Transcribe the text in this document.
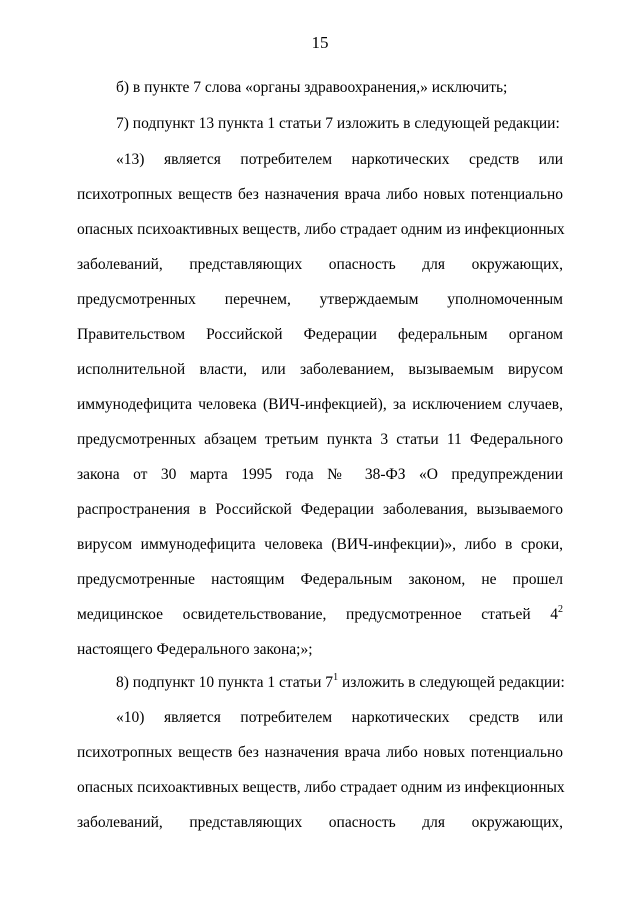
15
б) в пункте 7 слова «органы здравоохранения,» исключить;
7) подпункт 13 пункта 1 статьи 7 изложить в следующей редакции:
«13) является потребителем наркотических средств или
психотропных веществ без назначения врача либо новых потенциально
опасных психоактивных веществ, либо страдает одним из инфекционных
заболеваний, представляющих опасность для окружающих,
предусмотренных перечнем, утверждаемым уполномоченным
Правительством Российской Федерации федеральным органом
исполнительной власти, или заболеванием, вызываемым вирусом
иммунодефицита человека (ВИЧ-инфекцией), за исключением случаев,
предусмотренных абзацем третьим пункта 3 статьи 11 Федерального
закона от 30 марта 1995 года № 38-ФЗ «О предупреждении
распространения в Российской Федерации заболевания, вызываемого
вирусом иммунодефицита человека (ВИЧ-инфекции)», либо в сроки,
предусмотренные настоящим Федеральным законом, не прошел
медицинское освидетельствование, предусмотренное статьей $4^2$
настоящего Федерального закона;»;
8) подпункт 10 пункта 1 статьи $7^1$ изложить в следующей редакции:
«10) является потребителем наркотических средств или
психотропных веществ без назначения врача либо новых потенциально
опасных психоактивных веществ, либо страдает одним из инфекционных
заболеваний, представляющих опасность для окружающих,
